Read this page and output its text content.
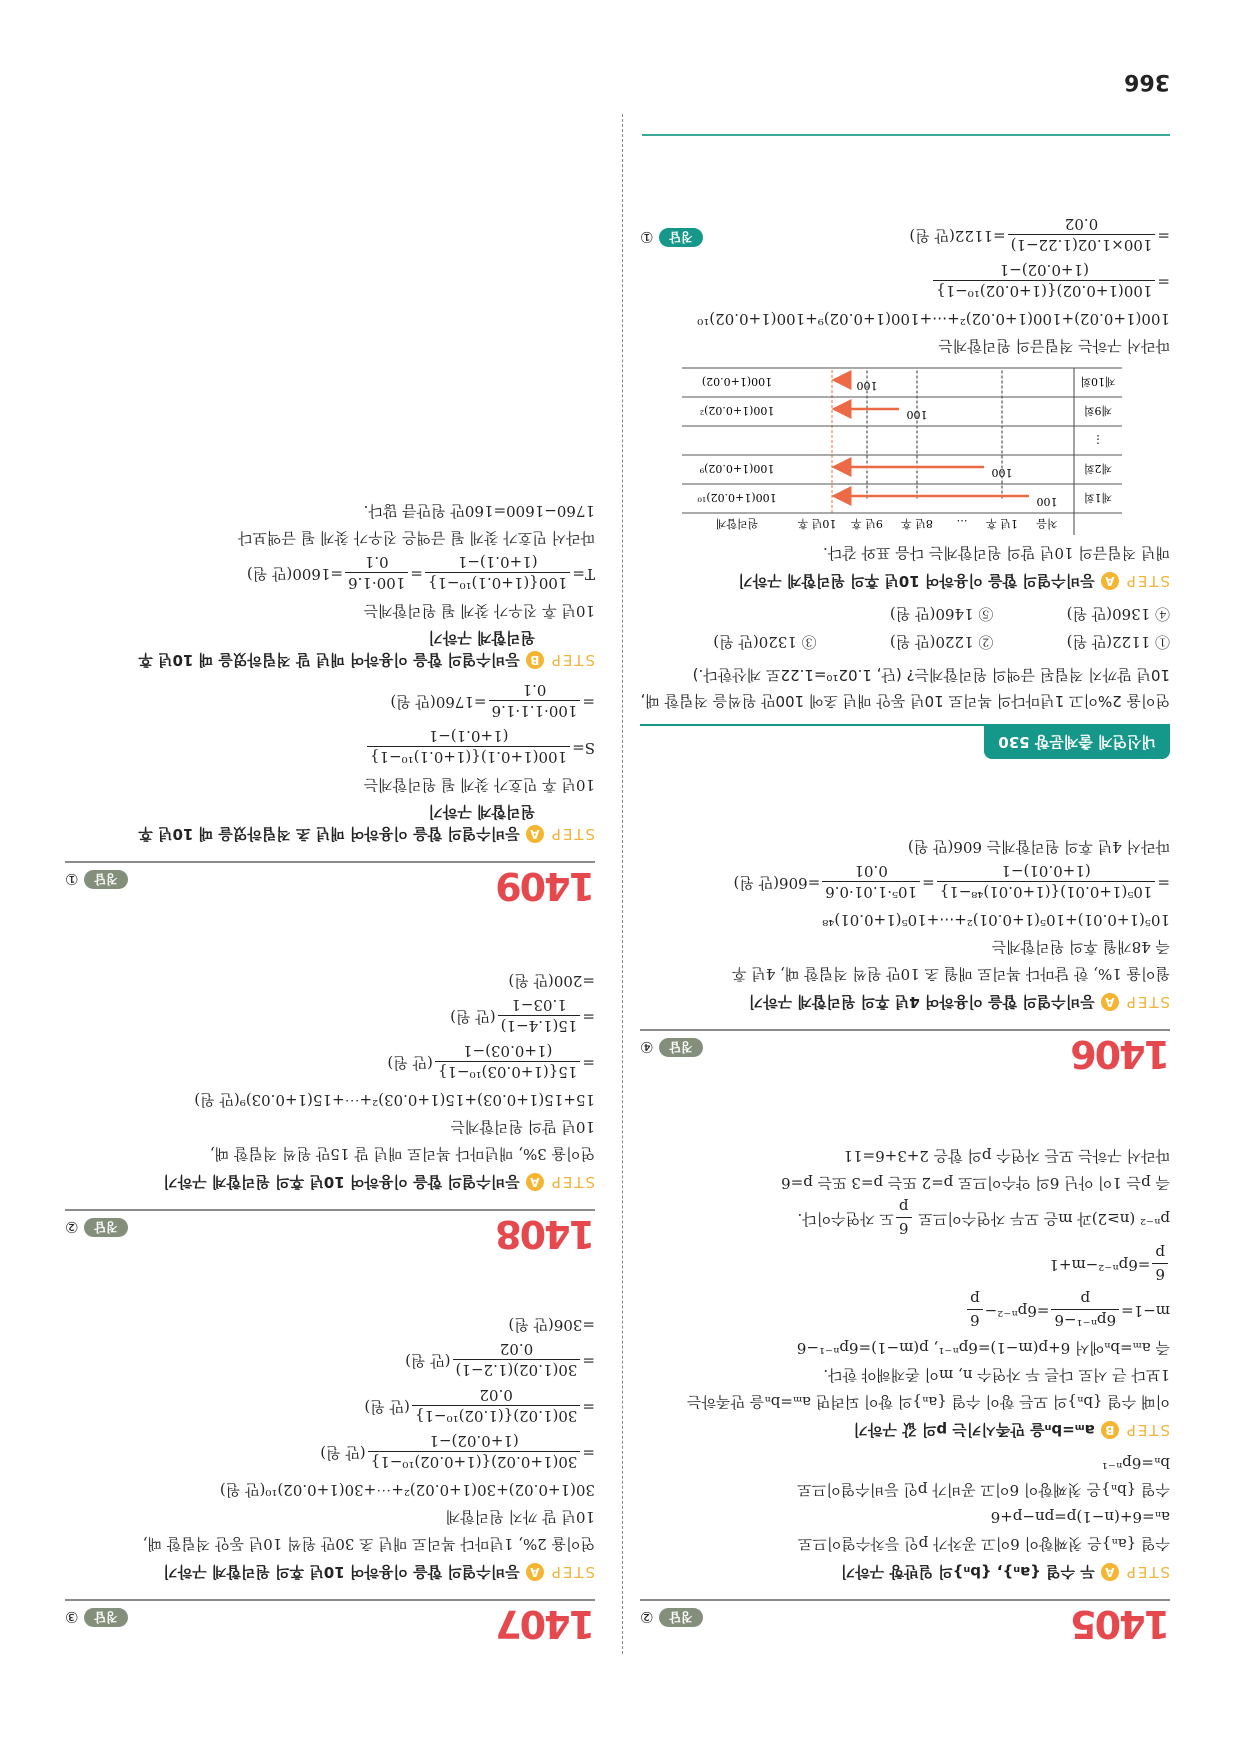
1405
정답
②
STEP
A
두 수열 {aₙ}, {bₙ}의 일반항 구하기
수열 {aₙ}은 첫째항이 6이고 공차가 p인 등차수열이므로
aₙ=6+(n−1)p=pn−p+6
수열 {bₙ}은 첫째항이 6이고 공비가 p인 등비수열이므로
bₙ=6pⁿ⁻¹
STEP
B
aₘ=bₙ을 만족시키는 p의 값 구하기
이때 수열 {bₙ}의 모든 항이 수열 {aₙ}의 항이 되려면 aₘ=bₙ을 만족하는
1보다 큰 서로 다른 두 자연수 n, m이 존재해야 한다.
즉 aₘ=bₙ에서 6+p(m−1)=6pⁿ⁻¹, p(m−1)=6pⁿ⁻¹−6
m−1=
6pⁿ⁻¹−6
p
=6pⁿ⁻²−
6
p
6
p
=6pⁿ⁻²−m+1
pⁿ⁻² (n≥2)과 m은 모두 자연수이므로
6
p
도 자연수이다.
즉 p는 1이 아닌 6의 약수이므로 p=2 또는 p=3 또는 p=6
따라서 구하는 모든 자연수 p의 합은 2+3+6=11
1406
정답
④
STEP
A
등비수열의 합을 이용하여 4년 후의 원리합계 구하기
월이율 1%, 한 달마다 복리로 매월 초 10만 원씩 적립할 때, 4년 후
즉 48개월 후의 원리합계는
10⁵(1+0.01)+10⁵(1+0.01)²+⋯+10⁵(1+0.01)⁴⁸
=
10⁵(1+0.01){(1+0.01)⁴⁸−1}
(1+0.01)−1
=
10⁵·1.01·0.6
0.01
=606(만 원)
따라서 4년 후의 원리합계는 606(만 원)
1407
정답
③
STEP
A
등비수열의 합을 이용하여 10년 후의 원리합계 구하기
연이율 2%, 1년마다 복리로 매년 초 30만 원씩 10년 동안 적립할 때,
10년 말 까지 원리합계
30(1+0.02)+30(1+0.02)²+⋯+30(1+0.02)¹⁰(만 원)
=
30(1+0.02){(1+0.02)¹⁰−1}
(1+0.02)−1
(만 원)
=
30(1.02){(1.02)¹⁰−1}
0.02
(만 원)
=
30(1.02)(1.2−1)
0.02
(만 원)
=306(만 원)
1408
정답
②
STEP
A
등비수열의 합을 이용하여 10년 후의 원리합계 구하기
연이율 3%, 매년마다 복리로 매년 말 15만 원씩 적립할 때,
10년 말의 원리합계는
15+15(1+0.03)+15(1+0.03)²+⋯+15(1+0.03)⁹(만 원)
=
15{(1+0.03)¹⁰−1}
(1+0.03)−1
(만 원)
=
15(1.4−1)
1.03−1
(만 원)
=200(만 원)
1409
정답
①
STEP
A
등비수열의 합을 이용하여 매년 초 적립하였을 때 10년 후
　　　　원리합계 구하기
10년 후 민호가 찾게 될 원리합계는
S=
100(1+0.1){(1+0.1)¹⁰−1}
(1+0.1)−1
=
100·1.1·1.6
0.1
=1760(만 원)
STEP
B
등비수열의 합을 이용하여 매년 말 적립하였을 때 10년 후
　　　　원리합계 구하기
10년 후 진우가 찾게 될 원리합계는
T=
100{(1+0.1)¹⁰−1}
(1+0.1)−1
=
100·1.6
0.1
=1600(만 원)
따라서 민호가 찾게 될 금액은 진우가 찾게 될 금액보다
1760−1600=160만 원만큼 많다.
내신연계 출제문항 530
연이율 2%이고 1년마다의 복리로 10년 동안 매년 초에 100만 원씩을 적립할 때, 10년 말까지 적립된 금액의 원리합계는? (단, 1.02¹⁰=1.22로 계산한다.)
① 1122(만 원)
② 1220(만 원)
③ 1320(만 원)
④ 1360(만 원)
⑤ 1460(만 원)
STEP
A
등비수열의 합을 이용하여 10년 후의 원리합계 구하기
매년 적립금의 10년 말의 원리합계는 다음 표와 같다.
처음
1년 후
…
8년 후
9년 후
10년 후
원리합계
제1회
100
100(1+0.02)¹⁰
제2회
100
100(1+0.02)⁹
⋮
제9회
100
100(1+0.02)²
제10회
100
100(1+0.02)
따라서 구하는 적립금의 원리합계는
100(1+0.02)+100(1+0.02)²+⋯+100(1+0.02)⁹+100(1+0.02)¹⁰
=
100(1+0.02){(1+0.02)¹⁰−1}
(1+0.02)−1
=
100×1.02(1.22−1)
0.02
=1122(만 원)
정답
①
366
